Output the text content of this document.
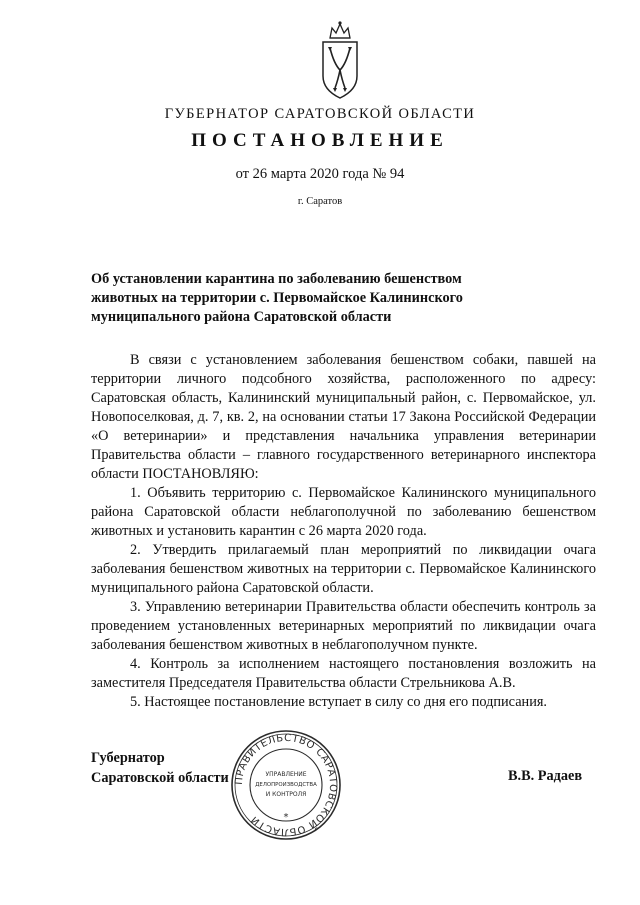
ГУБЕРНАТОР САРАТОВСКОЙ ОБЛАСТИ
ПОСТАНОВЛЕНИЕ
от 26 марта 2020 года № 94
г. Саратов
Об установлении карантина по заболеванию бешенством
животных на территории с. Первомайское Калининского
муниципального района Саратовской области

В связи с установлением заболевания бешенством собаки, павшей на территории личного подсобного хозяйства, расположенного по адресу: Саратовская область, Калининский муниципальный район, с. Первомайское, ул. Новопоселковая, д. 7, кв. 2, на основании статьи 17 Закона Российской Федерации «О ветеринарии» и представления начальника управления ветеринарии Правительства области – главного государственного ветеринарного инспектора области ПОСТАНОВЛЯЮ:

1. Объявить территорию с. Первомайское Калининского муниципального района Саратовской области неблагополучной по заболеванию бешенством животных и установить карантин с 26 марта 2020 года.

2. Утвердить прилагаемый план мероприятий по ликвидации очага заболевания бешенством животных на территории с. Первомайское Калининского муниципального района Саратовской области.

3. Управлению ветеринарии Правительства области обеспечить контроль за проведением установленных ветеринарных мероприятий по ликвидации очага заболевания бешенством животных в неблагополучном пункте.

4. Контроль за исполнением настоящего постановления возложить на заместителя Председателя Правительства области Стрельникова А.В.

5. Настоящее постановление вступает в силу со дня его подписания.

Губернатор
Саратовской области	В.В. Радаев
ПРАВИТЕЛЬСТВО САРАТОВСКОЙ ОБЛАСТИ
УПРАВЛЕНИЕ
ДЕЛОПРОИЗВОДСТВА
И КОНТРОЛЯ
*
